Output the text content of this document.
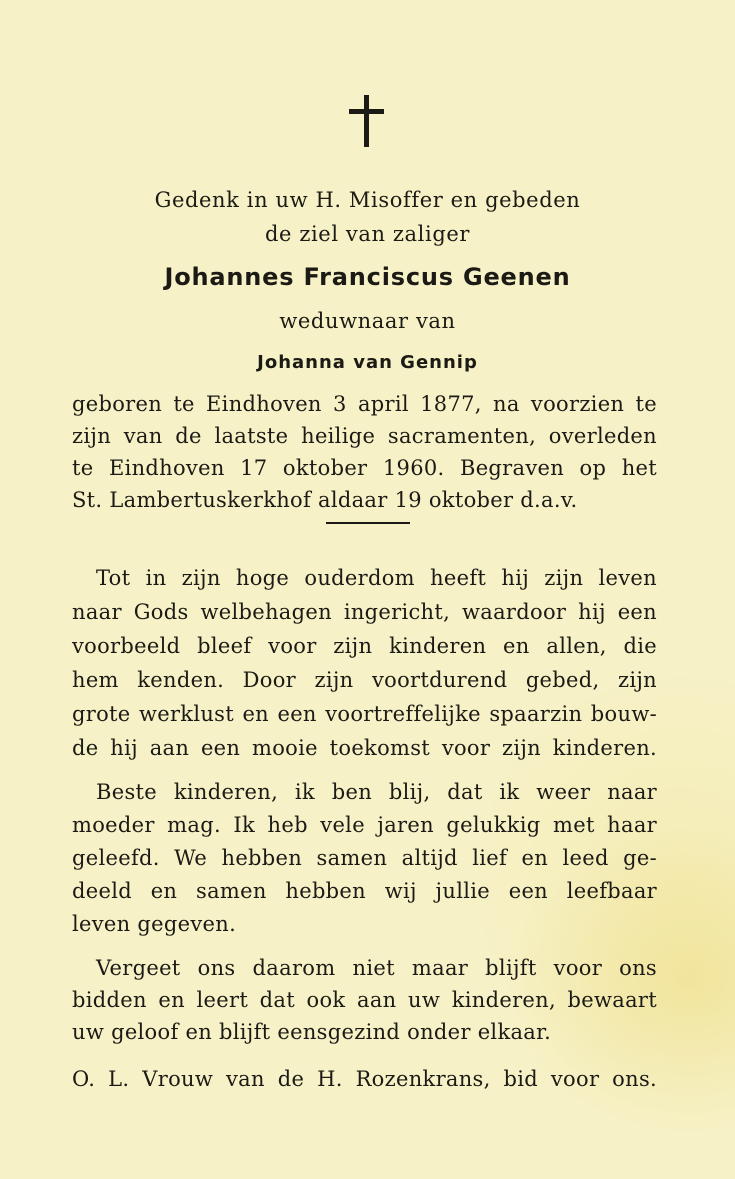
Gedenk in uw H. Misoffer en gebeden
de ziel van zaliger
Johannes Franciscus Geenen
weduwnaar van
Johanna van Gennip
geboren te Eindhoven 3 april 1877, na voorzien te
zijn van de laatste heilige sacramenten, overleden
te Eindhoven 17 oktober 1960. Begraven op het
St. Lambertuskerkhof aldaar 19 oktober d.a.v.
Tot in zijn hoge ouderdom heeft hij zijn leven
naar Gods welbehagen ingericht, waardoor hij een
voorbeeld bleef voor zijn kinderen en allen, die
hem kenden. Door zijn voortdurend gebed, zijn
grote werklust en een voortreffelijke spaarzin bouw-
de hij aan een mooie toekomst voor zijn kinderen.
Beste kinderen, ik ben blij, dat ik weer naar
moeder mag. Ik heb vele jaren gelukkig met haar
geleefd. We hebben samen altijd lief en leed ge-
deeld en samen hebben wij jullie een leefbaar
leven gegeven.
Vergeet ons daarom niet maar blijft voor ons
bidden en leert dat ook aan uw kinderen, bewaart
uw geloof en blijft eensgezind onder elkaar.
O. L. Vrouw van de H. Rozenkrans, bid voor ons.
